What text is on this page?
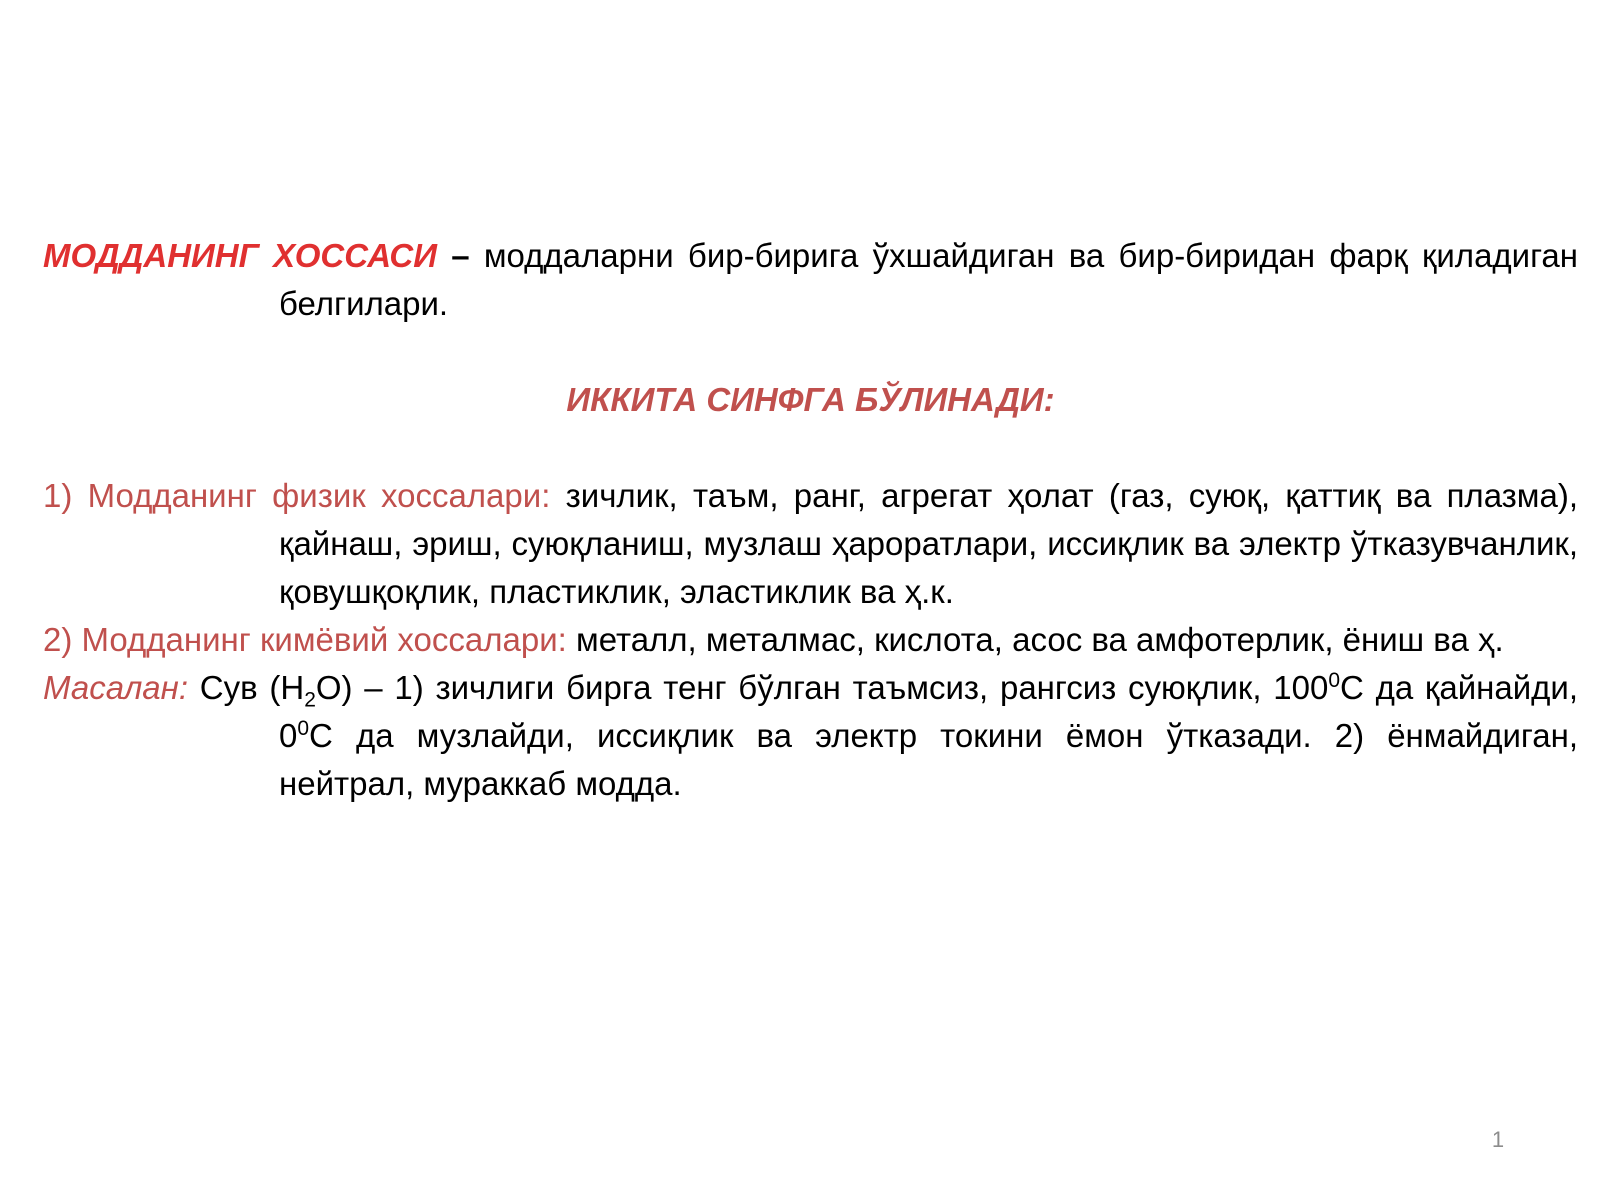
МОДДАНИНГ ХОССАСИ – моддаларни бир-бирига ўхшайдиган ва бир-биридан фарқ қиладиган белгилари.

ИККИТА СИНФГА БЎЛИНАДИ:

1) Модданинг физик хоссалари: зичлик, таъм, ранг, агрегат ҳолат (газ, суюқ, қаттиқ ва плазма), қайнаш, эриш, суюқланиш, музлаш ҳароратлари, иссиқлик ва электр ўтказувчанлик, қовушқоқлик, пластиклик, эластиклик ва ҳ.к.

2) Модданинг кимёвий хоссалари: металл, металмас, кислота, асос ва амфотерлик, ёниш ва ҳ.

Масалан: Сув $(H_2O) - 1$) зичлиги бирга тенг бўлган таъмсиз, рангсиз суюқлик, $100^0С$ да қайнайди, $0^0С$ да музлайди, иссиқлик ва электр токини ёмон ўтказади. 2) ёнмайдиган, нейтрал, мураккаб модда.

1
